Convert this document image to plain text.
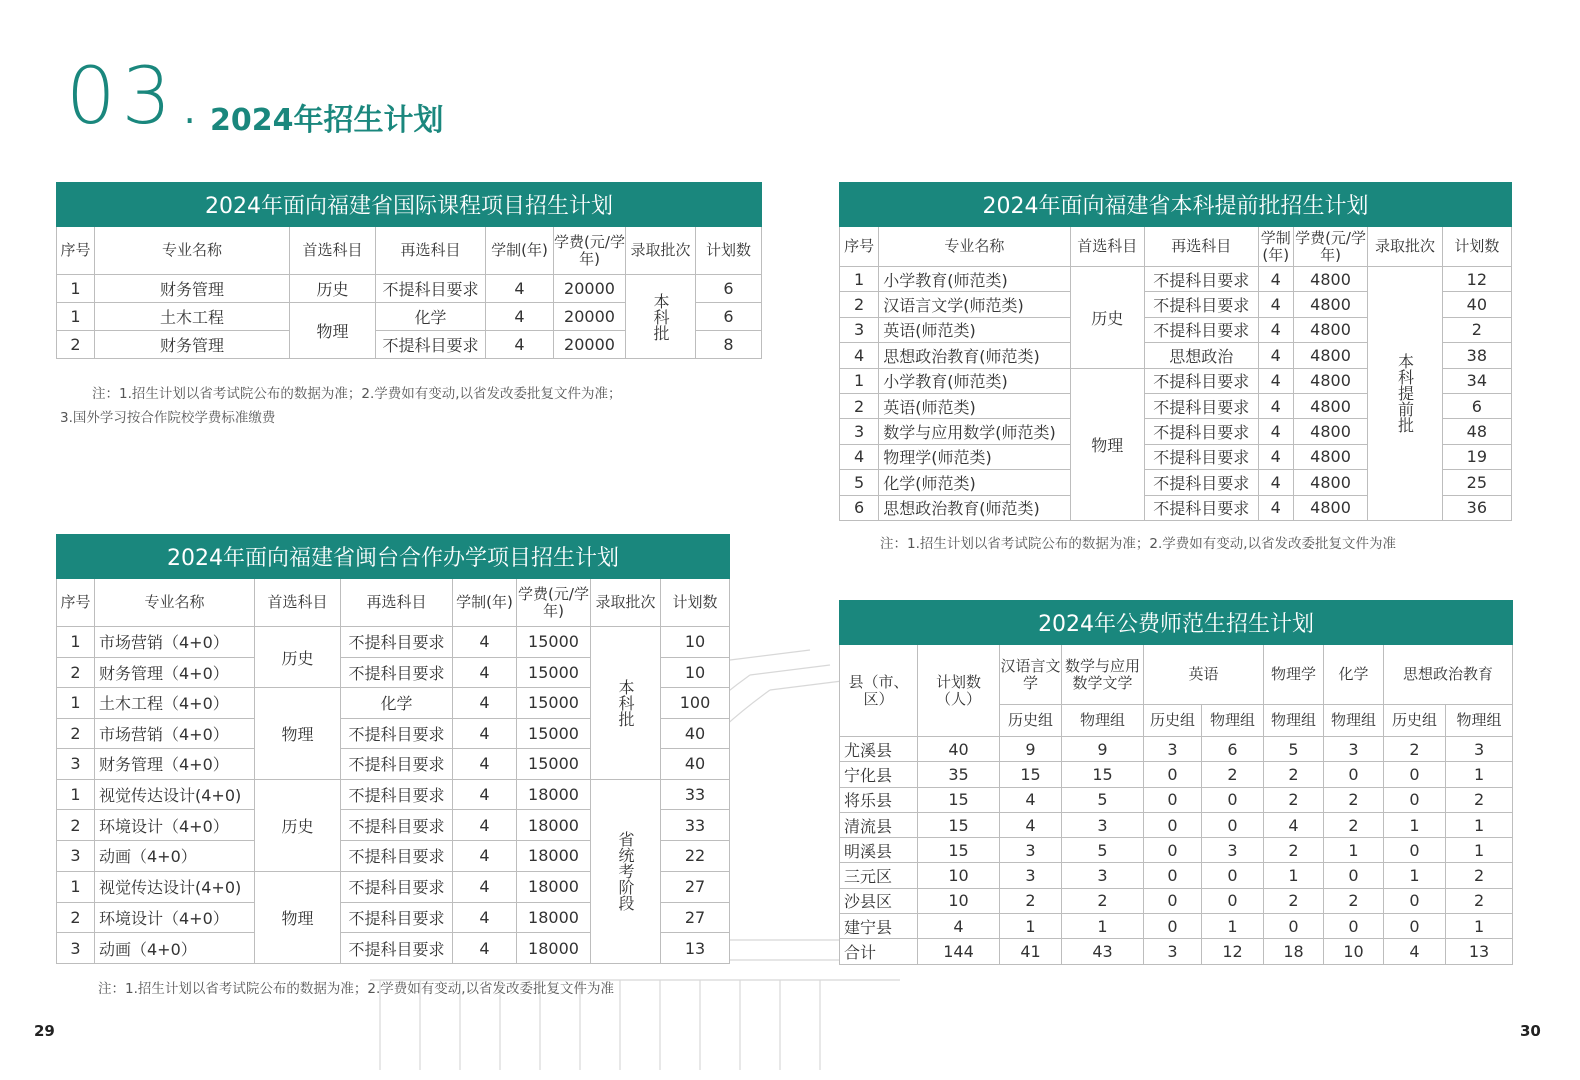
03. 2024年招生计划
2024年面向福建省国际课程项目招生计划							
序号	专业名称	首选科目	再选科目	学制(年)	学费(元/学年)	录取批次	计划数
1	财务管理	历史	不提科目要求	4	20000	本科批	6
1	土木工程	物理	化学	4	20000		6
2	财务管理		不提科目要求	4	20000		8
注：1.招生计划以省考试院公布的数据为准；2.学费如有变动,以省发改委批复文件为准；
3.国外学习按合作院校学费标准缴费
2024年面向福建省闽台合作办学项目招生计划							
序号	专业名称	首选科目	再选科目	学制(年)	学费(元/学年)	录取批次	计划数
1	市场营销（4+0）	历史	不提科目要求	4	15000	本科批	10
2	财务管理（4+0）		不提科目要求	4	15000		10
1	土木工程（4+0）	物理	化学	4	15000		100
2	市场营销（4+0）		不提科目要求	4	15000		40
3	财务管理（4+0）		不提科目要求	4	15000		40
1	视觉传达设计(4+0)	历史	不提科目要求	4	18000	省统考阶段	33
2	环境设计（4+0）		不提科目要求	4	18000		33
3	动画（4+0）		不提科目要求	4	18000		22
1	视觉传达设计(4+0)	物理	不提科目要求	4	18000		27
2	环境设计（4+0）		不提科目要求	4	18000		27
3	动画（4+0）		不提科目要求	4	18000		13
注：1.招生计划以省考试院公布的数据为准；2.学费如有变动,以省发改委批复文件为准
2024年面向福建省本科提前批招生计划							
序号	专业名称	首选科目	再选科目	学制(年)	学费(元/学年)	录取批次	计划数
1	小学教育(师范类)	历史	不提科目要求	4	4800	本科提前批	12
2	汉语言文学(师范类)		不提科目要求	4	4800		40
3	英语(师范类)		不提科目要求	4	4800		2
4	思想政治教育(师范类)		思想政治	4	4800		38
1	小学教育(师范类)	物理	不提科目要求	4	4800		34
2	英语(师范类)		不提科目要求	4	4800		6
3	数学与应用数学(师范类)		不提科目要求	4	4800		48
4	物理学(师范类)		不提科目要求	4	4800		19
5	化学(师范类)		不提科目要求	4	4800		25
6	思想政治教育(师范类)		不提科目要求	4	4800		36
注：1.招生计划以省考试院公布的数据为准；2.学费如有变动,以省发改委批复文件为准
2024年公费师范生招生计划									
县（市、区）	计划数（人）	汉语言文学	数学与应用数学文学	英语		物理学	化学	思想政治教育	
		历史组	物理组	历史组	物理组	物理组	物理组	历史组	物理组
尤溪县	40	9	9	3	6	5	3	2	3
宁化县	35	15	15	0	2	2	0	0	1
将乐县	15	4	5	0	0	2	2	0	2
清流县	15	4	3	0	0	4	2	1	1
明溪县	15	3	5	0	3	2	1	0	1
三元区	10	3	3	0	0	1	0	1	2
沙县区	10	2	2	0	0	2	2	0	2
建宁县	4	1	1	0	1	0	0	0	1
合计	144	41	43	3	12	18	10	4	13
29	30
